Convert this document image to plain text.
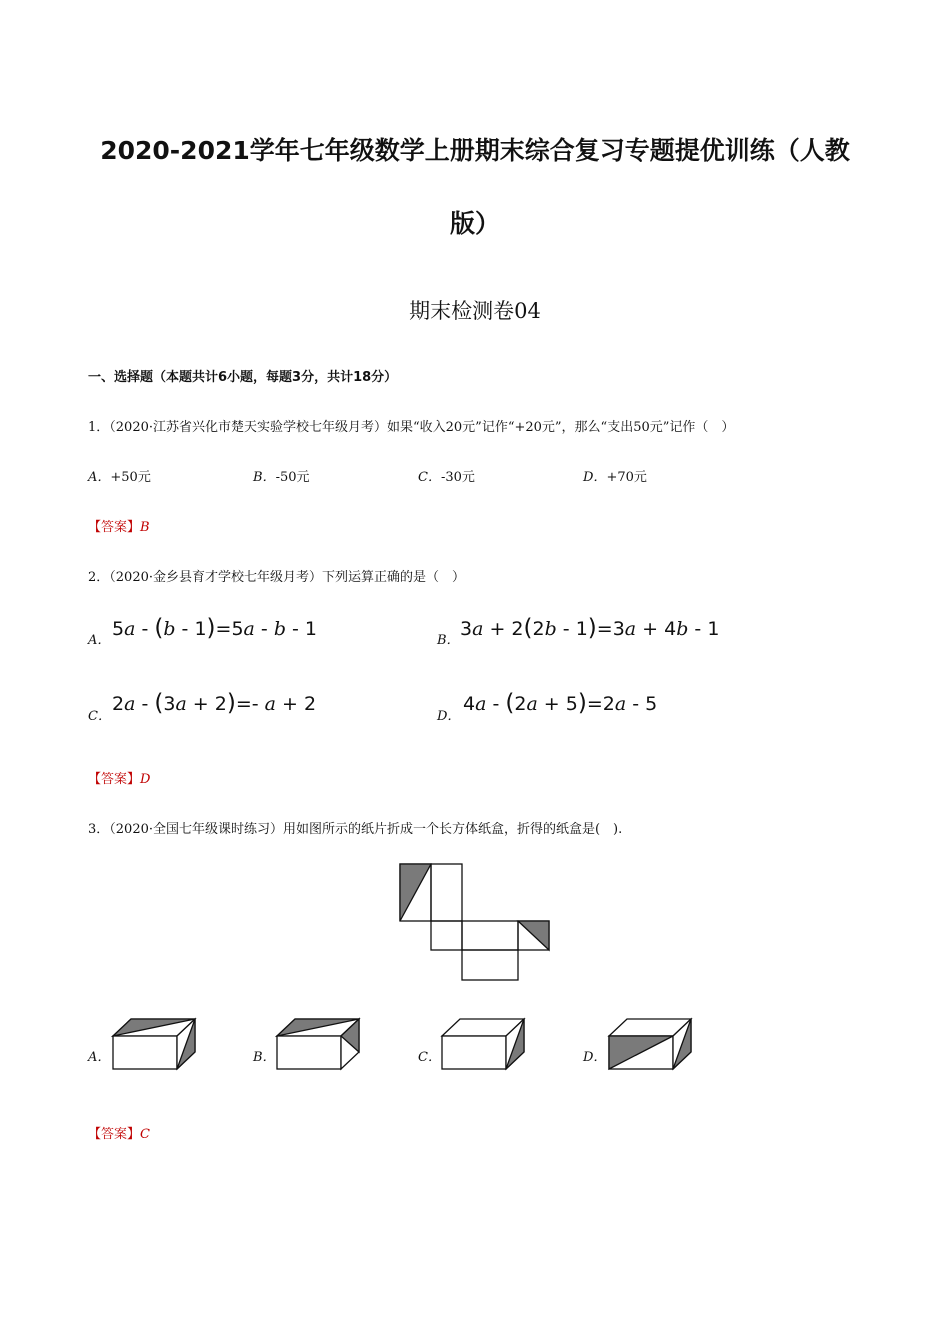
2020-2021学年七年级数学上册期末综合复习专题提优训练（人教
版）
期末检测卷04
一、选择题（本题共计6小题，每题3分，共计18分）
1．（2020·江苏省兴化市楚天实验学校七年级月考）如果“收入20元”记作“+20元”，那么“支出50元”记作（　）
A．+50元	B．-50元	C．-30元	D．+70元
【答案】B
2．（2020·金乡县育才学校七年级月考）下列运算正确的是（　）
A．
5a - (b - 1)=5a - b - 1
B．
3a + 2(2b - 1)=3a + 4b - 1
C．
2a - (3a + 2)=- a + 2
D．
4a - (2a + 5)=2a - 5
【答案】D
3．（2020·全国七年级课时练习）用如图所示的纸片折成一个长方体纸盒，折得的纸盒是(　).
A．	B．	C．	D．
【答案】C
